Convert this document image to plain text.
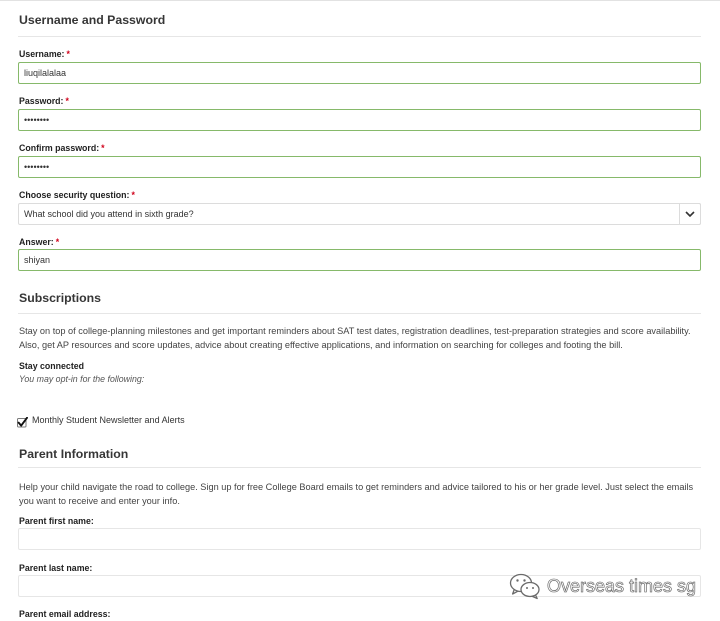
Username and Password
Username: *
liuqilalalaa
Password: *
••••••••
Confirm password: *
••••••••
Choose security question: *
What school did you attend in sixth grade?
Answer: *
shiyan
Subscriptions
Stay on top of college-planning milestones and get important reminders about SAT test dates, registration deadlines, test-preparation strategies and score availability. Also, get AP resources and score updates, advice about creating effective applications, and information on searching for colleges and footing the bill.
Stay connected
You may opt-in for the following:
Monthly Student Newsletter and Alerts
Parent Information
Help your child navigate the road to college. Sign up for free College Board emails to get reminders and advice tailored to his or her grade level. Just select the emails you want to receive and enter your info.
Parent first name:
Parent last name:
Parent email address:
Overseas times sg
